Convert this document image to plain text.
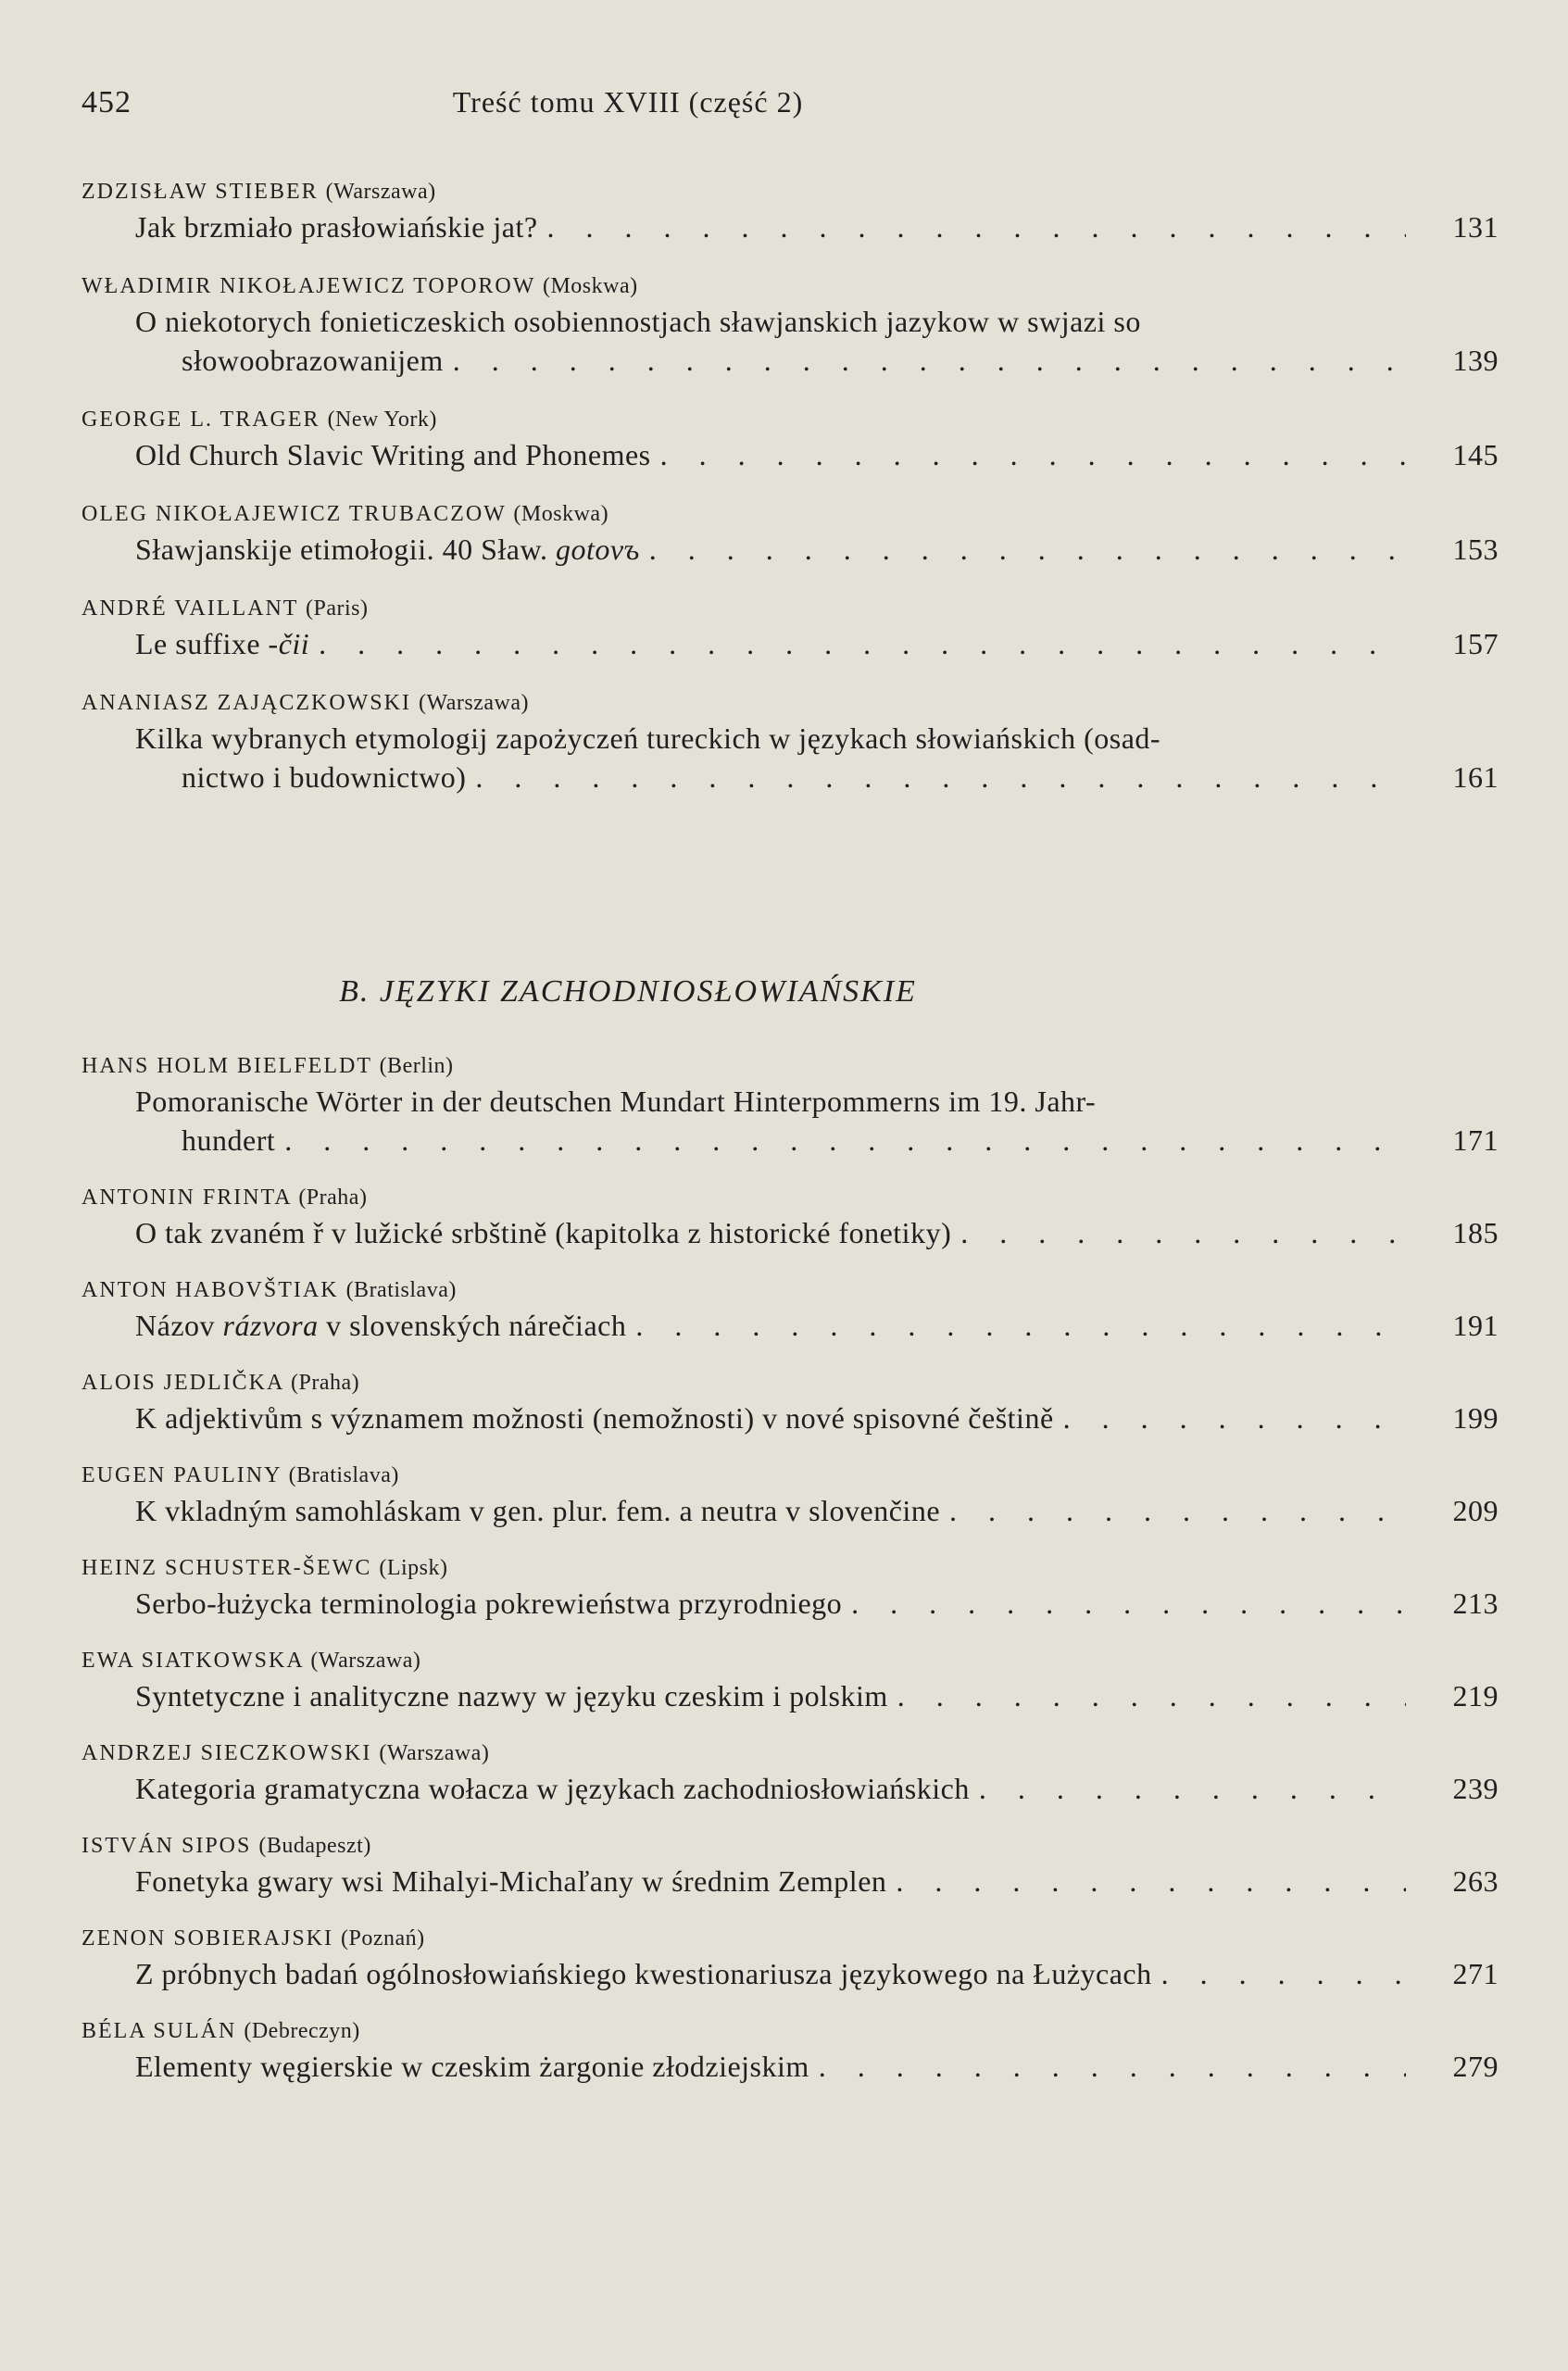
452	Treść tomu XVIII (część 2)
ZDZISŁAW STIEBER (Warszawa)
Jak brzmiało prasłowiańskie jat? . . .	131
WŁADIMIR NIKOŁAJEWICZ TOPOROW (Moskwa)
O niekotorych fonieticzeskich osobiennostjach sławjanskich jazykow w swjazi so
słowoobrazowanijem . . .	139
GEORGE L. TRAGER (New York)
Old Church Slavic Writing and Phonemes . . .	145
OLEG NIKOŁAJEWICZ TRUBACZOW (Moskwa)
Sławjanskije etimołogii. 40 Sław.
gotovъ . . .	153
ANDRÉ VAILLANT (Paris)
Le suffixe
-čii . . .	157
ANANIASZ ZAJĄCZKOWSKI (Warszawa)
Kilka wybranych etymologij zapożyczeń tureckich w językach słowiańskich (osad-
nictwo i budownictwo) . . .	161
B. JĘZYKI ZACHODNIOSŁOWIAŃSKIE
HANS HOLM BIELFELDT (Berlin)
Pomoranische Wörter in der deutschen Mundart Hinterpommerns im 19. Jahr-
hundert . . .	171
ANTONIN FRINTA (Praha)
O tak zvaném ř v lužické srbštině (kapitolka z historické fonetiky) . . .	185
ANTON HABOVŠTIAK (Bratislava)
Názov
rázvora
v slovenských nárečiach . . .	191
ALOIS JEDLIČKA (Praha)
K adjektivům s významem možnosti (nemožnosti) v nové spisovné češtině . . .	199
EUGEN PAULINY (Bratislava)
K vkladným samohláskam v gen. plur. fem. a neutra v slovenčine . . .	209
HEINZ SCHUSTER-ŠEWC (Lipsk)
Serbo-łużycka terminologia pokrewieństwa przyrodniego . . .	213
EWA SIATKOWSKA (Warszawa)
Syntetyczne i analityczne nazwy w języku czeskim i polskim . . .	219
ANDRZEJ SIECZKOWSKI (Warszawa)
Kategoria gramatyczna wołacza w językach zachodniosłowiańskich . . .	239
ISTVÁN SIPOS (Budapeszt)
Fonetyka gwary wsi Mihalyi-Michaľany w średnim Zemplen . . .	263
ZENON SOBIERAJSKI (Poznań)
Z próbnych badań ogólnosłowiańskiego kwestionariusza językowego na Łużycach . . .	271
BÉLA SULÁN (Debreczyn)
Elementy węgierskie w czeskim żargonie złodziejskim . . .	279
